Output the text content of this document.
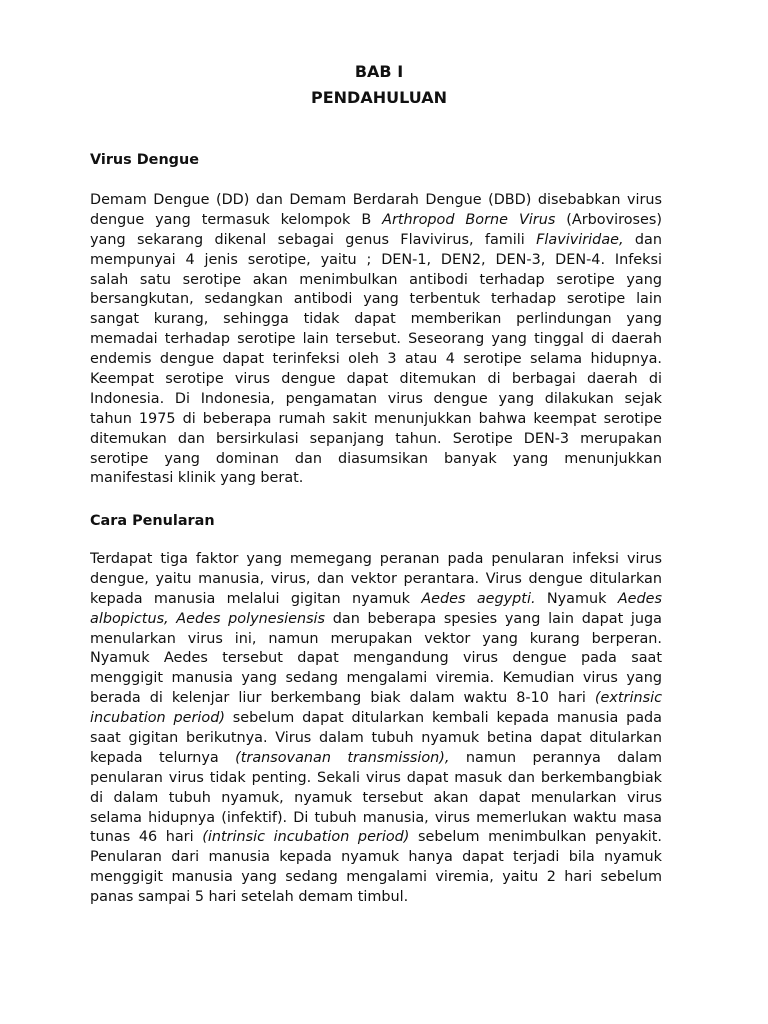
BAB I
PENDAHULUAN
Virus Dengue
Demam Dengue (DD) dan Demam Berdarah Dengue (DBD) disebabkan virus
dengue yang termasuk kelompok B Arthropod Borne Virus (Arboviroses)
yang sekarang dikenal sebagai genus Flavivirus, famili Flaviviridae, dan
mempunyai 4 jenis serotipe, yaitu ; DEN-1, DEN2, DEN-3, DEN-4. Infeksi
salah satu serotipe akan menimbulkan antibodi terhadap serotipe yang
bersangkutan, sedangkan antibodi yang terbentuk terhadap serotipe lain
sangat kurang, sehingga tidak dapat memberikan perlindungan yang
memadai terhadap serotipe lain tersebut. Seseorang yang tinggal di daerah
endemis dengue dapat terinfeksi oleh 3 atau 4 serotipe selama hidupnya.
Keempat serotipe virus dengue dapat ditemukan di berbagai daerah di
Indonesia. Di Indonesia, pengamatan virus dengue yang dilakukan sejak
tahun 1975 di beberapa rumah sakit menunjukkan bahwa keempat serotipe
ditemukan dan bersirkulasi sepanjang tahun. Serotipe DEN-3 merupakan
serotipe yang dominan dan diasumsikan banyak yang menunjukkan
manifestasi klinik yang berat.
Cara Penularan
Terdapat tiga faktor yang memegang peranan pada penularan infeksi virus
dengue, yaitu manusia, virus, dan vektor perantara. Virus dengue ditularkan
kepada manusia melalui gigitan nyamuk Aedes aegypti. Nyamuk Aedes
albopictus, Aedes polynesiensis dan beberapa spesies yang lain dapat juga
menularkan virus ini, namun merupakan vektor yang kurang berperan.
Nyamuk Aedes tersebut dapat mengandung virus dengue pada saat
menggigit manusia yang sedang mengalami viremia. Kemudian virus yang
berada di kelenjar liur berkembang biak dalam waktu 8-10 hari (extrinsic
incubation period) sebelum dapat ditularkan kembali kepada manusia pada
saat gigitan berikutnya. Virus dalam tubuh nyamuk betina dapat ditularkan
kepada telurnya (transovanan transmission), namun perannya dalam
penularan virus tidak penting. Sekali virus dapat masuk dan berkembangbiak
di dalam tubuh nyamuk, nyamuk tersebut akan dapat menularkan virus
selama hidupnya (infektif). Di tubuh manusia, virus memerlukan waktu masa
tunas 46 hari (intrinsic incubation period) sebelum menimbulkan penyakit.
Penularan dari manusia kepada nyamuk hanya dapat terjadi bila nyamuk
menggigit manusia yang sedang mengalami viremia, yaitu 2 hari sebelum
panas sampai 5 hari setelah demam timbul.
